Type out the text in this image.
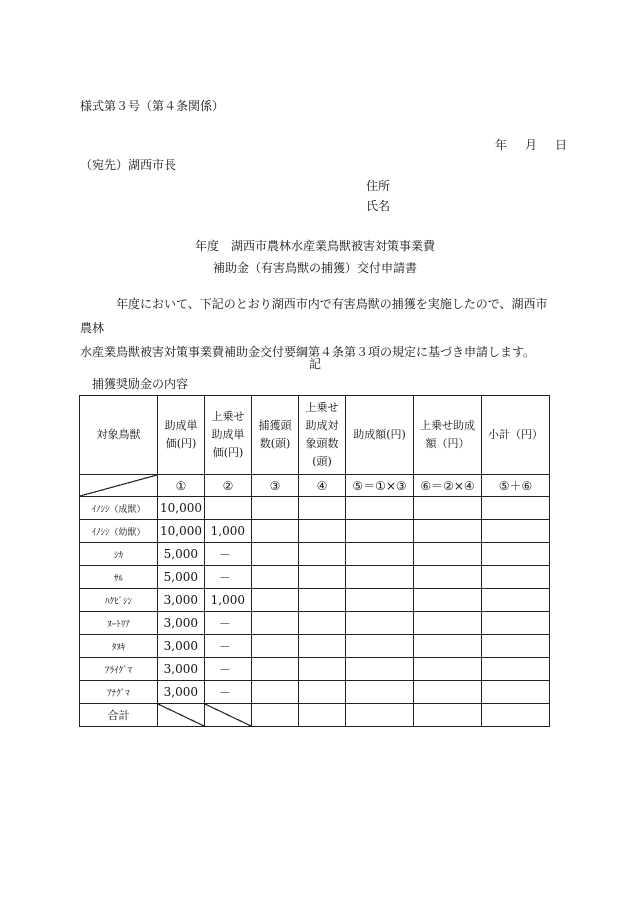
様式第３号（第４条関係）
年　月　日
（宛先）湖西市長
住所
氏名
年度　湖西市農林水産業鳥獣被害対策事業費
補助金（有害鳥獣の捕獲）交付申請書

年度において、下記のとおり湖西市内で有害鳥獣の捕獲を実施したので、湖西市農林

水産業鳥獣被害対策事業費補助金交付要綱第４条第３項の規定に基づき申請します。

記
捕獲奨励金の内容
対象鳥獣	助成単価(円)	上乗せ助成単価(円)	捕獲頭数(頭)	上乗せ助成対象頭数(頭)	助成額(円)	上乗せ助成額（円）	小計（円）
	①	②	③	④	⑤＝①×③	⑥＝②×④	⑤＋⑥
ｲﾉｼｼ（成獣）	10,000						
ｲﾉｼｼ（幼獣）	10,000	1,000					
ｼｶ	5,000	－					
ｻﾙ	5,000	－					
ﾊｸﾋﾞｼﾝ	3,000	1,000					
ﾇｰﾄﾘｱ	3,000	－					
ﾀﾇｷ	3,000	－					
ｱﾗｲｸﾞﾏ	3,000	－					
ｱﾅｸﾞﾏ	3,000	－					
合計							
